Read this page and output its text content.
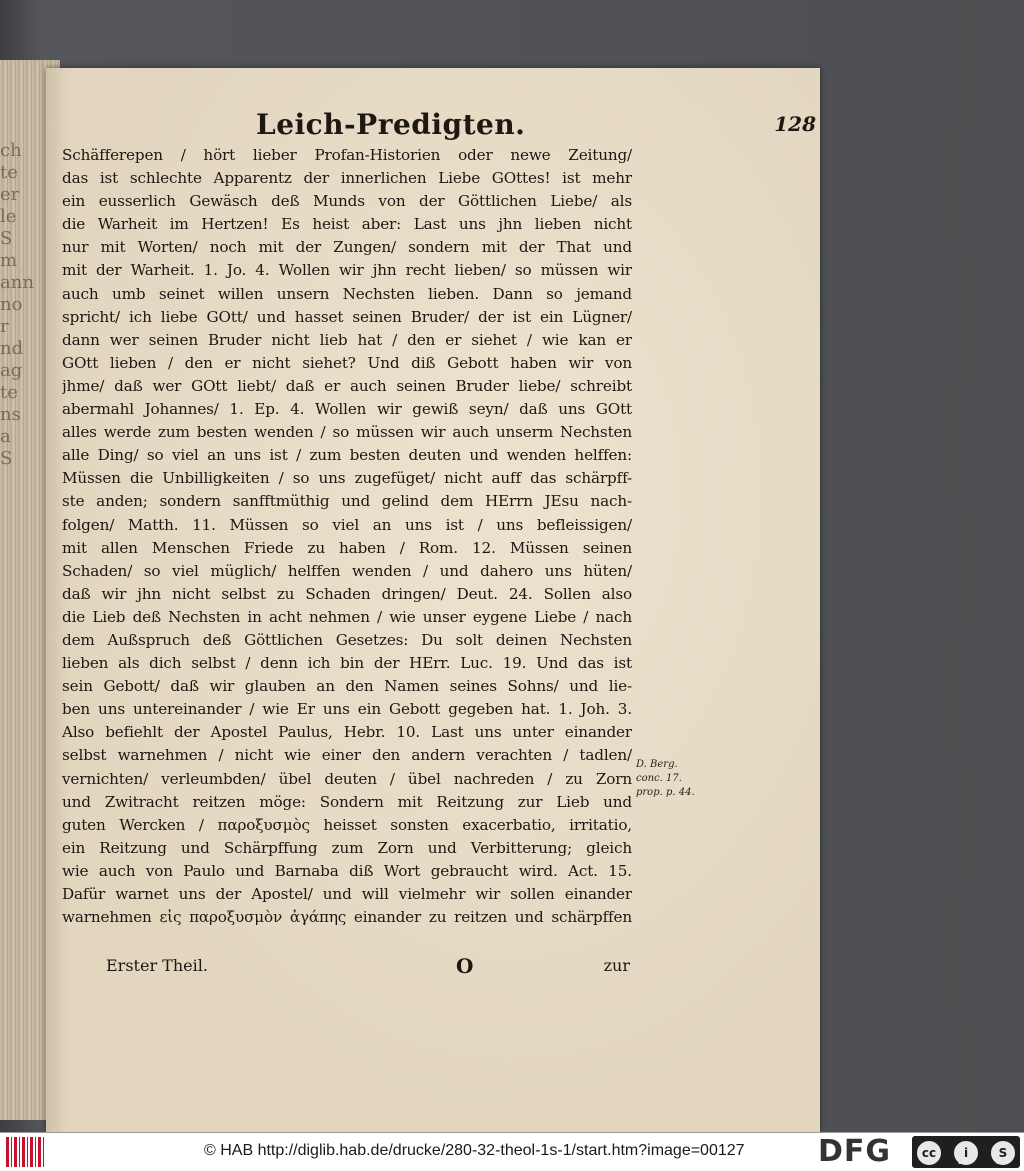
ch
te
er
le
S
m
ann
no
r
nd
ag
te
ns
a
S
Leich-Predigten.	128
Schäfferepen / hört lieber Profan-Historien oder newe Zeitung/
das ist schlechte Apparentz der innerlichen Liebe GOttes! ist mehr
ein eusserlich Gewäsch deß Munds von der Göttlichen Liebe/ als
die Warheit im Hertzen! Es heist aber: Last uns jhn lieben nicht
nur mit Worten/ noch mit der Zungen/ sondern mit der That und
mit der Warheit. 1. Jo. 4. Wollen wir jhn recht lieben/ so müssen wir
auch umb seinet willen unsern Nechsten lieben. Dann so jemand
spricht/ ich liebe GOtt/ und hasset seinen Bruder/ der ist ein Lügner/
dann wer seinen Bruder nicht lieb hat / den er siehet / wie kan er
GOtt lieben / den er nicht siehet? Und diß Gebott haben wir von
jhme/ daß wer GOtt liebt/ daß er auch seinen Bruder liebe/ schreibt
abermahl Johannes/ 1. Ep. 4. Wollen wir gewiß seyn/ daß uns GOtt
alles werde zum besten wenden / so müssen wir auch unserm Nechsten
alle Ding/ so viel an uns ist / zum besten deuten und wenden helffen:
Müssen die Unbilligkeiten / so uns zugefüget/ nicht auff das schärpff-
ste anden; sondern sanfftmüthig und gelind dem HErrn JEsu nach-
folgen/ Matth. 11. Müssen so viel an uns ist / uns befleissigen/
mit allen Menschen Friede zu haben / Rom. 12. Müssen seinen
Schaden/ so viel müglich/ helffen wenden / und dahero uns hüten/
daß wir jhn nicht selbst zu Schaden dringen/ Deut. 24. Sollen also
die Lieb deß Nechsten in acht nehmen / wie unser eygene Liebe / nach
dem Außspruch deß Göttlichen Gesetzes: Du solt deinen Nechsten
lieben als dich selbst / denn ich bin der HErr. Luc. 19. Und das ist
sein Gebott/ daß wir glauben an den Namen seines Sohns/ und lie-
ben uns untereinander / wie Er uns ein Gebott gegeben hat. 1. Joh. 3.
Also befiehlt der Apostel Paulus, Hebr. 10. Last uns unter einander
selbst warnehmen / nicht wie einer den andern verachten / tadlen/
vernichten/ verleumbden/ übel deuten / übel nachreden / zu Zorn
und Zwitracht reitzen möge: Sondern mit Reitzung zur Lieb und
guten Wercken / παροξυσμὸς heisset sonsten exacerbatio, irritatio,
ein Reitzung und Schärpffung zum Zorn und Verbitterung; gleich
wie auch von Paulo und Barnaba diß Wort gebraucht wird. Act. 15.
Dafür warnet uns der Apostel/ und will vielmehr wir sollen einander
warnehmen εἰς παροξυσμὸν ἀγάπης einander zu reitzen und schärpffen
D. Berg.
conc. 17.
prop. p. 44.
Erster Theil.	O	zur
© HAB http://diglib.hab.de/drucke/280-32-theol-1s-1/start.htm?image=00127 DFG	cc	i	S
BY	SA
